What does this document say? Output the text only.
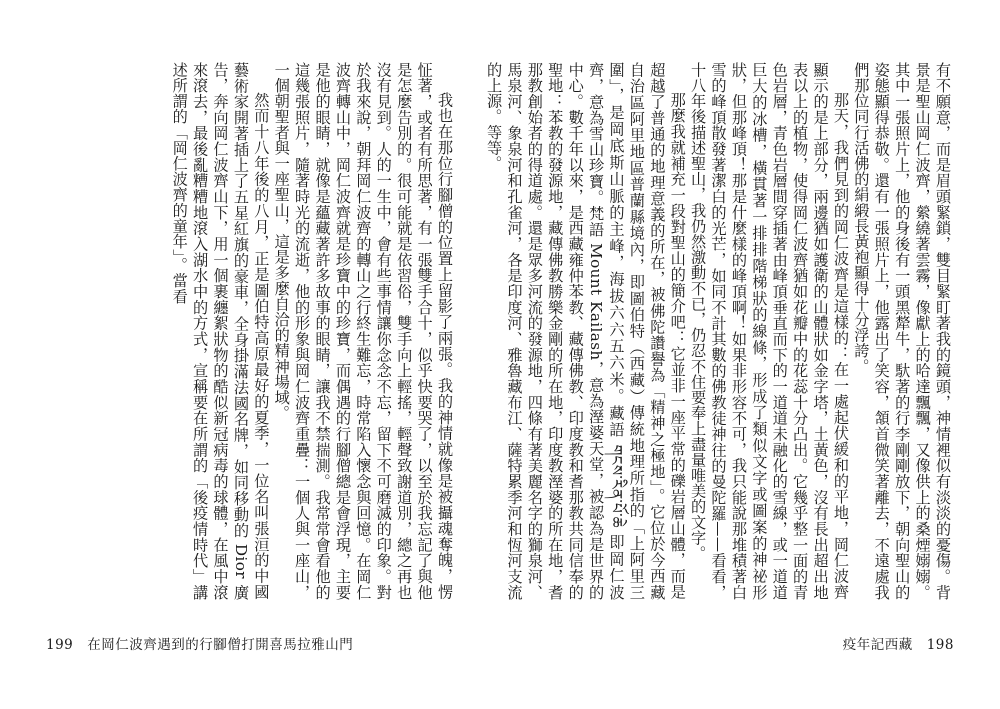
我也在那位行腳僧的位置上留影了兩張。我的神情就像是被攝魂奪魄，愣怔著，或者有所思著，有一張雙手合十，似乎快要哭了，以至於我忘記了與他是怎麼告別的。很可能就是依習俗，雙手向上輕搖，輕聲致謝道別，總之再也沒有見到。人的一生中，會有些事情讓你念念不忘，留下不可磨滅的印象。對於我來說，朝拜岡仁波齊的轉山之行終生難忘，時常陷入懷念與回憶。在岡仁波齊轉山中，岡仁波齊就是珍寶中的珍寶，而偶遇的行腳僧總是會浮現，主要是他的眼睛，就像是蘊藏著許多故事的眼睛，讓我不禁揣測。我常常會看他的這幾張照片，隨著時光的流逝，他的形象與岡仁波齊重疊：一個人與一座山，一個朝聖者與一座聖山，這是多麼自洽的精神場域。

然而十八年後的八月，正是圖伯特高原最好的夏季，一位名叫張洹的中國藝術家開著插上了五星紅旗的豪車，全身掛滿法國名牌，如同移動的 Dior 廣告，奔向岡仁波齊山下，用一個裹纏絮狀物的酷似新冠病毒的球體，在風中滾來滾去，最後亂糟糟地滾入湖水中的方式，宣稱要在所謂的「後疫情時代」講述所謂的「岡仁波齊的童年」。當看

199 在岡仁波齊遇到的行腳僧打開喜馬拉雅山門

有不願意，而是眉頭緊鎖，雙目緊盯著我的鏡頭，神情裡似有淡淡的憂傷。背景是聖山岡仁波齊，縈繞著雲霧，像獻上的哈達飄飄，又像供上的桑煙嫋嫋。其中一張照片上，他的身後有一頭黑犛牛，馱著的行李剛剛放下，朝向聖山的姿態顯得恭敬。還有一張照片上，他露出了笑容，頷首微笑著離去，不遠處我們那位同行活佛的絹緞長黃袍顯得十分浮誇。

那天，我們見到的岡仁波齊是這樣的：在一處起伏緩和的平地，岡仁波齊顯示的是上部分，兩邊猶如護衛的山體狀如金字塔，土黃色，沒有長出超出地表以上的植物，使得岡仁波齊猶如花瓣中的花蕊十分凸出。它幾乎整一面的青色岩層，青色岩層間穿插著由峰頂垂直而下的一道道未融化的雪線，或一道道巨大的冰槽，橫貫著一排排階梯狀的線條，形成了類似文字或圖案的神祕形狀，但那峰頂！那是什麼樣的峰頂啊！如果非形容不可，我只能說那堆積著白雪的峰頂散發著潔白的光芒，如同不計其數的佛教徒神往的曼陀羅——看看，十八年後描述聖山，我仍然激動不已，仍忍不住要奉上盡量唯美的文字。

那麼我就補充一段對聖山的簡介吧：它並非一座平常的礫岩層山體，而是超越了普通的地理意義的所在，被佛陀讚譽為「精神之極地」。它位於今西藏自治區阿里地區普蘭縣境內，即圖伯特（西藏）傳統地理所指的「上阿里三圍」，是岡底斯山脈的主峰，海拔六六五六米。藏語 གངས་རིན་པོ་ཆེ 即岡仁波齊，意為雪山珍寶。梵語 Mount Kailash，意為溼婆天堂，被認為是世界的中心。數千年以來，是西藏雍仲苯教、藏傳佛教、印度教和耆那教共同信奉的聖地：苯教的發源地，藏傳佛教勝樂金剛的所在地，印度教溼婆的所在地，耆那教創始者的得道處。還是眾多河流的發源地，四條有著美麗名字的獅泉河、馬泉河、象泉河和孔雀河，各是印度河、雅魯藏布江、薩特累季河和恆河支流的上源。等等。

疫年記西藏 198
